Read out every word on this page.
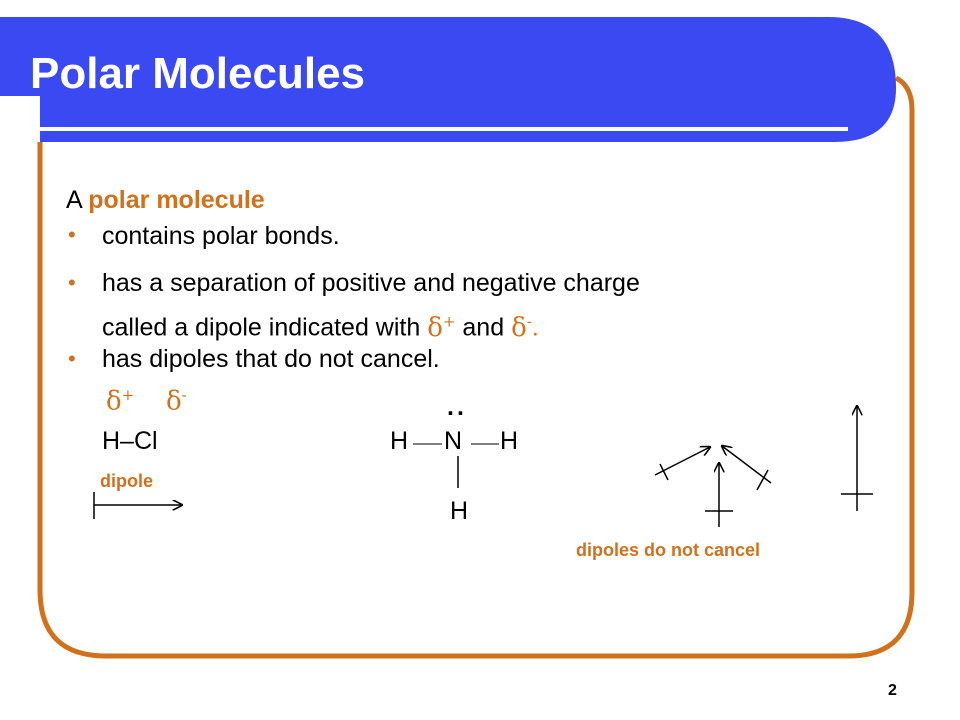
Polar Molecules
A polar molecule
• contains polar bonds.
• has a separation of positive and negative charge
called a dipole indicated with δ+ and δ-.
• has dipoles that do not cancel.
δ+ δ-
H–Cl
dipole
..
H N H
H
dipoles do not cancel
2
